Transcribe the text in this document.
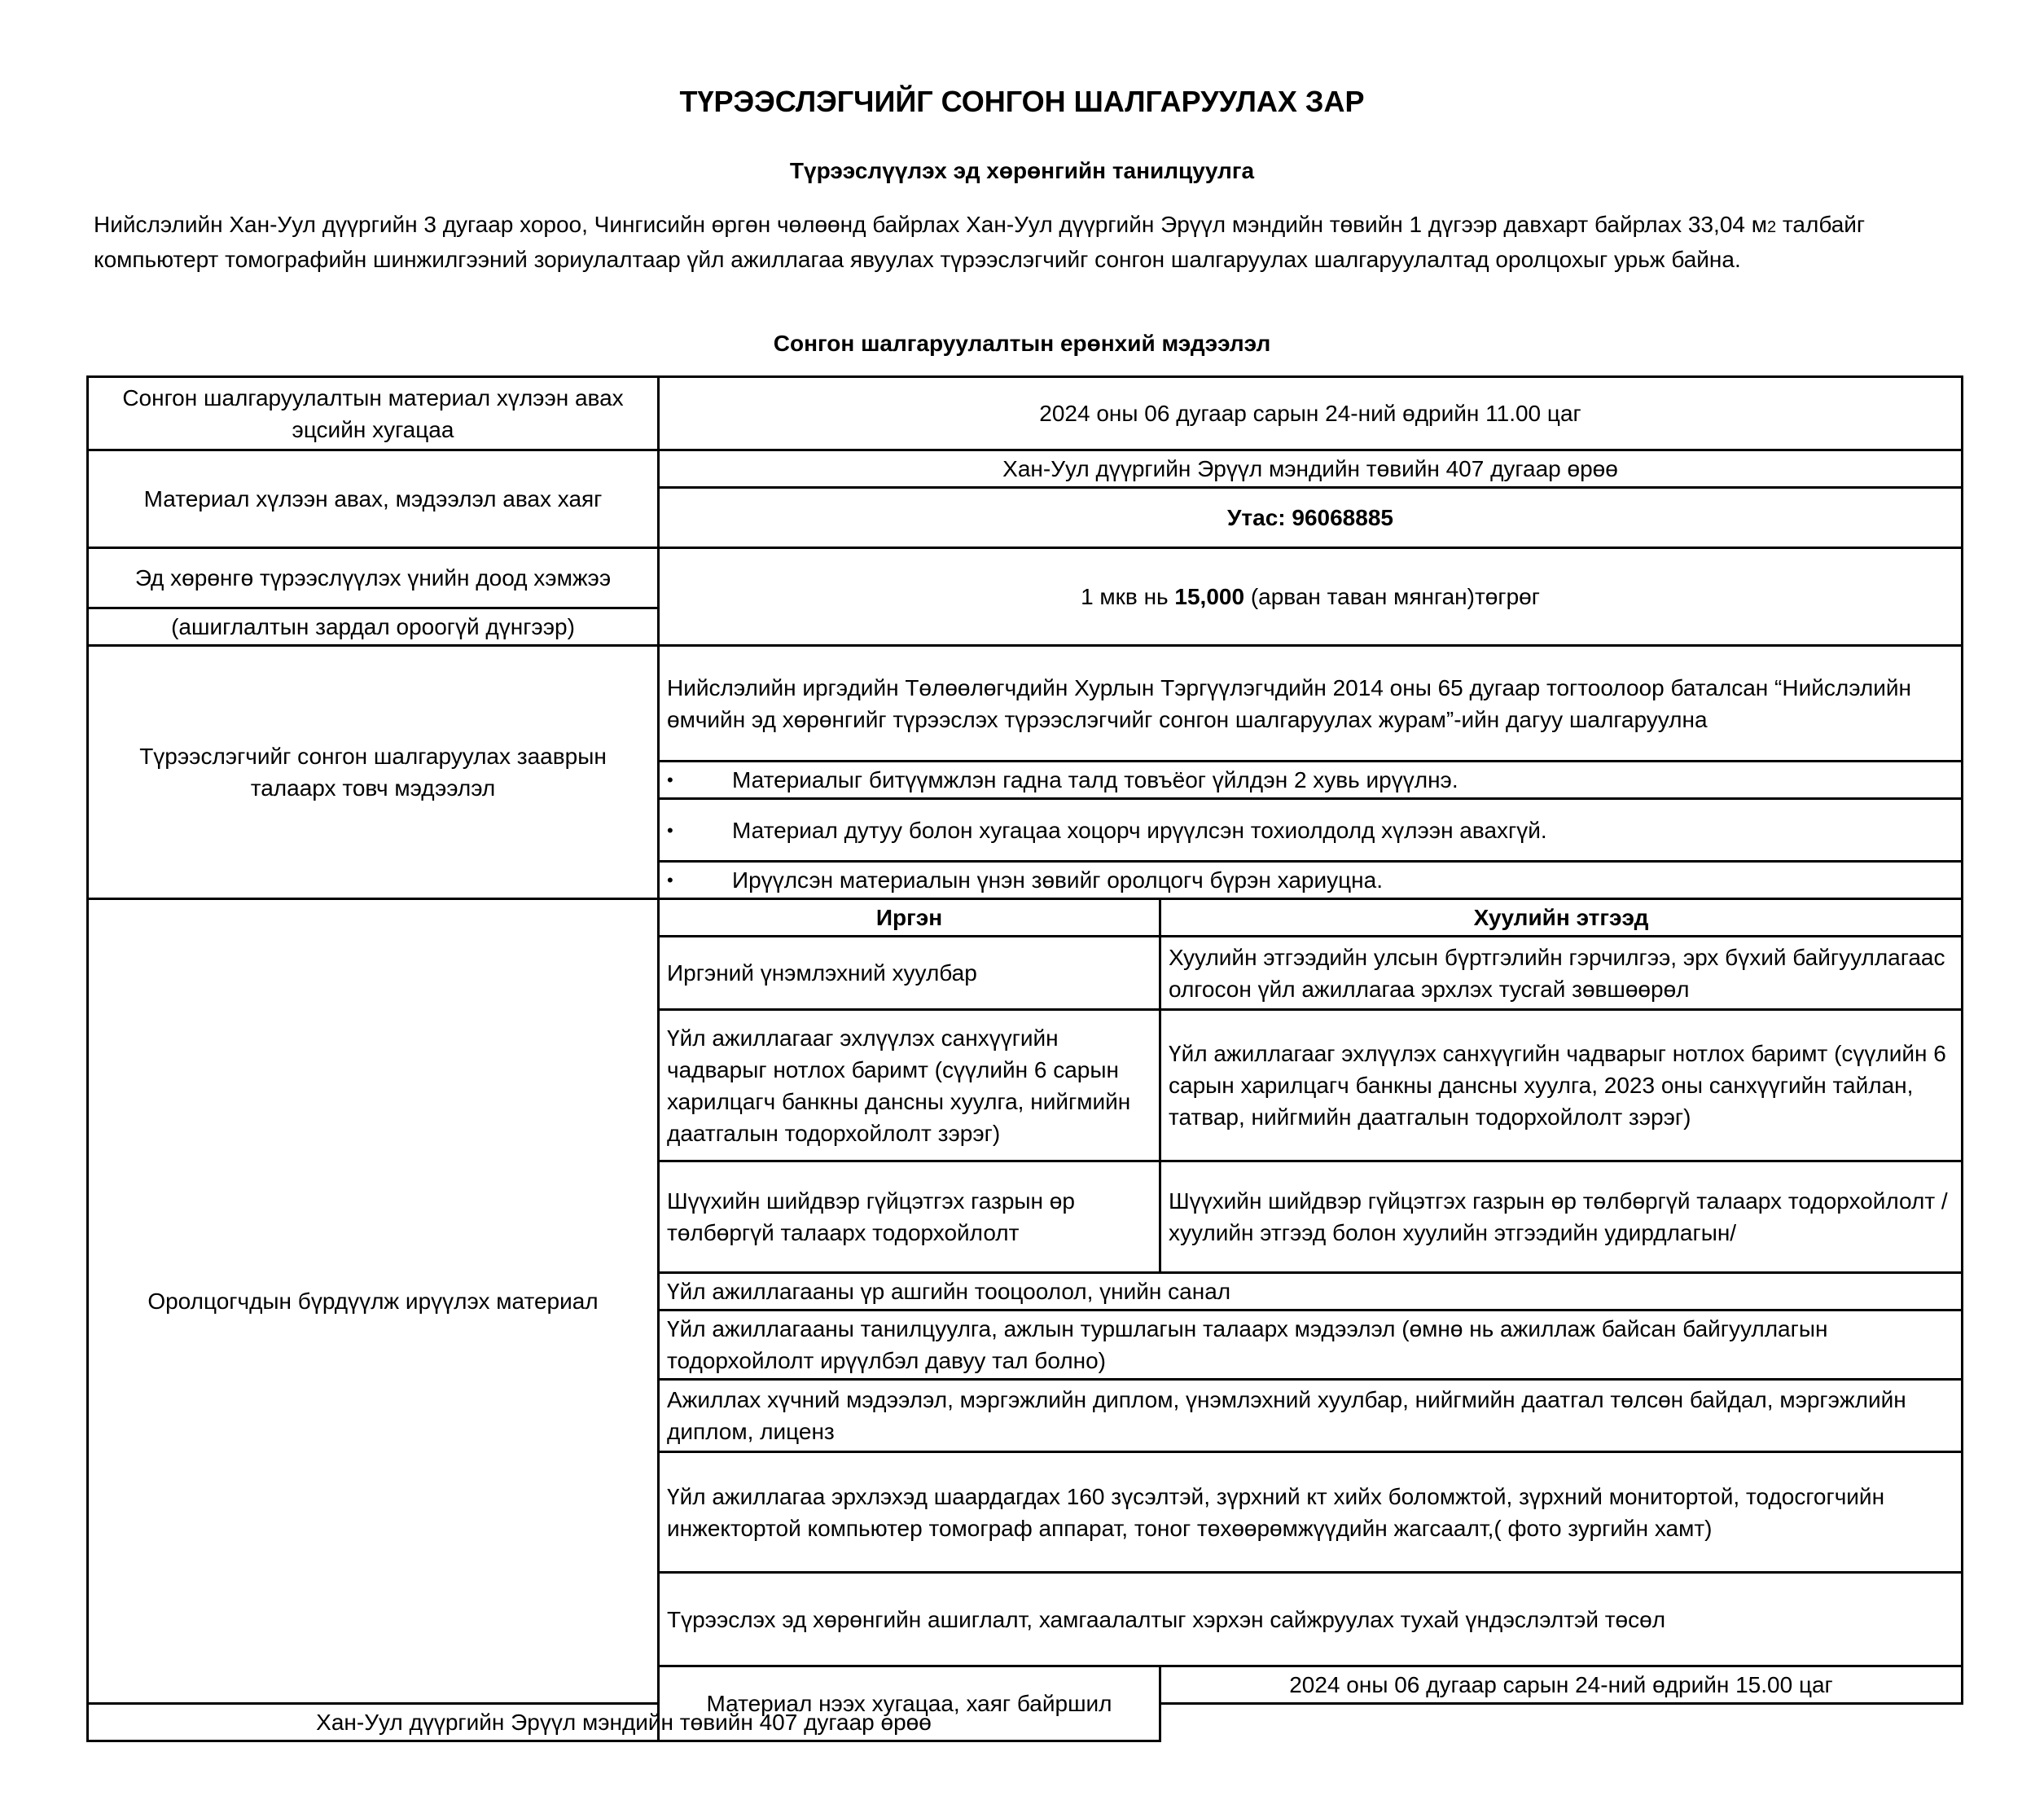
ТҮРЭЭСЛЭГЧИЙГ СОНГОН ШАЛГАРУУЛАХ ЗАР
Түрээслүүлэх эд хөрөнгийн танилцуулга
Нийслэлийн Хан-Уул дүүргийн 3 дугаар хороо, Чингисийн өргөн чөлөөнд байрлах Хан-Уул дүүргийн Эрүүл мэндийн төвийн 1 дүгээр давхарт байрлах 33,04 м2 талбайг компьютерт томографийн шинжилгээний зориулалтаар үйл ажиллагаа явуулах түрээслэгчийг сонгон шалгаруулах шалгаруулалтад оролцохыг урьж байна.
Сонгон шалгаруулалтын ерөнхий мэдээлэл
Сонгон шалгаруулалтын материал хүлээн авах эцсийн хугацаа	2024 оны 06 дугаар сарын 24-ний өдрийн 11.00 цаг	
Материал хүлээн авах, мэдээлэл авах хаяг	Хан-Уул дүүргийн Эрүүл мэндийн төвийн 407 дугаар өрөө	
	Утас: 96068885	
Эд хөрөнгө түрээслүүлэх үнийн доод хэмжээ	1 мкв нь 15,000 (арван таван мянган)төгрөг	
(ашиглалтын зардал ороогүй дүнгээр)		
Түрээслэгчийг сонгон шалгаруулах зааврын талаарх товч мэдээлэл	Нийслэлийн иргэдийн Төлөөлөгчдийн Хурлын Тэргүүлэгчдийн 2014 оны 65 дугаар тогтоолоор баталсан “Нийслэлийн өмчийн эд хөрөнгийг түрээслэх түрээслэгчийг сонгон шалгаруулах журам”-ийн дагуу шалгаруулна	

	• Материалыг битүүмжлэн гадна талд товъёог үйлдэн 2 хувь ирүүлнэ.	

	• Материал дутуу болон хугацаа хоцорч ирүүлсэн тохиолдолд хүлээн авахгүй.	

	• Ирүүлсэн материалын үнэн зөвийг оролцогч бүрэн хариуцна.	

Оролцогчдын бүрдүүлж ирүүлэх материал	Иргэн	Хуулийн этгээд
	Иргэний үнэмлэхний хуулбар	Хуулийн этгээдийн улсын бүртгэлийн гэрчилгээ, эрх бүхий байгууллагаас олгосон үйл ажиллагаа эрхлэх тусгай зөвшөөрөл
	Үйл ажиллагааг эхлүүлэх санхүүгийн чадварыг нотлох баримт (сүүлийн 6 сарын харилцагч банкны дансны хуулга, нийгмийн даатгалын тодорхойлолт зэрэг)	Үйл ажиллагааг эхлүүлэх санхүүгийн чадварыг нотлох баримт (сүүлийн 6 сарын харилцагч банкны дансны хуулга, 2023 оны санхүүгийн тайлан, татвар, нийгмийн даатгалын тодорхойлолт зэрэг)
	Шүүхийн шийдвэр гүйцэтгэх газрын өр төлбөргүй талаарх тодорхойлолт	Шүүхийн шийдвэр гүйцэтгэх газрын өр төлбөргүй талаарх тодорхойлолт /хуулийн этгээд болон хуулийн этгээдийн удирдлагын/
	Үйл ажиллагааны үр ашгийн тооцоолол, үнийн санал	
	Үйл ажиллагааны танилцуулга, ажлын туршлагын талаарх мэдээлэл (өмнө нь ажиллаж байсан байгууллагын тодорхойлолт ирүүлбэл давуу тал болно)	
	Ажиллах хүчний мэдээлэл, мэргэжлийн диплом, үнэмлэхний хуулбар, нийгмийн даатгал төлсөн байдал, мэргэжлийн диплом, лиценз	
	Үйл ажиллагаа эрхлэхэд шаардагдах 160 зүсэлтэй, зүрхний кт хийх боломжтой, зүрхний монитортой, тодосгогчийн инжектортой компьютер томограф аппарат, тоног төхөөрөмжүүдийн жагсаалт,( фото зургийн хамт)	
	Түрээслэх эд хөрөнгийн ашиглалт, хамгаалалтыг хэрхэн сайжруулах тухай үндэслэлтэй төсөл	
	Материал нээх хугацаа, хаяг байршил	2024 оны 06 дугаар сарын 24-ний өдрийн 15.00 цаг
Хан-Уул дүүргийн Эрүүл мэндийн төвийн 407 дугаар өрөө		
